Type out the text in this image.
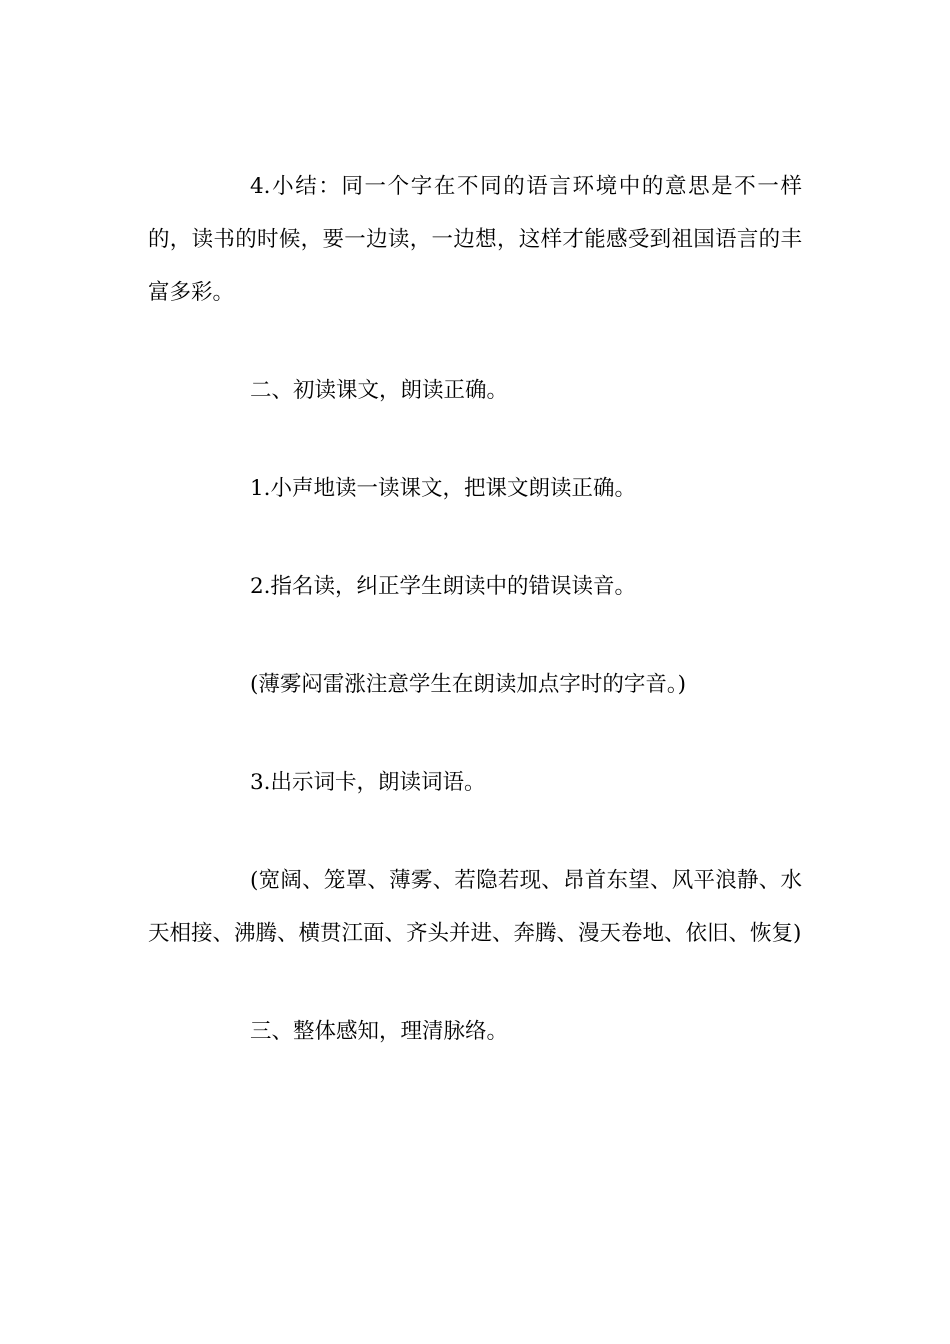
4.小结：同一个字在不同的语言环境中的意思是不一样的，读书的时候，要一边读，一边想，这样才能感受到祖国语言的丰富多彩。

二、初读课文，朗读正确。

1.小声地读一读课文，把课文朗读正确。

2.指名读，纠正学生朗读中的错误读音。

(薄雾闷雷涨注意学生在朗读加点字时的字音。)

3.出示词卡，朗读词语。

(宽阔、笼罩、薄雾、若隐若现、昂首东望、风平浪静、水天相接、沸腾、横贯江面、齐头并进、奔腾、漫天卷地、依旧、恢复)

三、整体感知，理清脉络。
